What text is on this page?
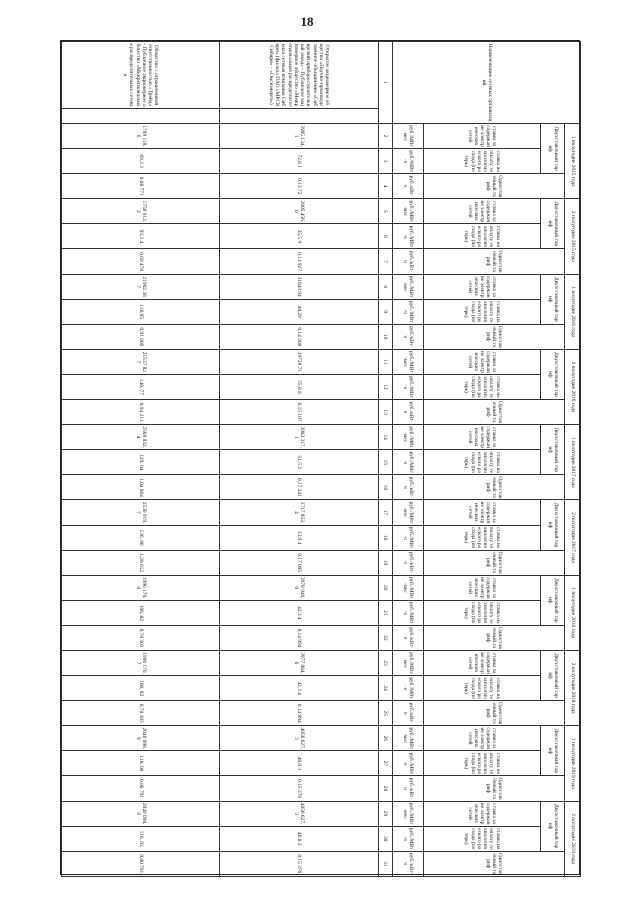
18
Наименование сетевых организаций		1 полугодие 2015 года			2 полугодие 2015 года			1 полугодие 2016 года			2 полугодие 2016 года			1 полугодие 2017 года			2 полугодие 2017 года			1 полугодие 2018 года			2 полугодие 2018 года			1 полугодие 2019 года			2 полугодие 2019 года		
		Двухставочный тариф		Одноставочный тариф	Двухставочный тариф		Одноставочный тариф	Двухставочный тариф		Одноставочный тариф	Двухставочный тариф		Одноставочный тариф	Двухставочный тариф		Одноставочный тариф	Двухставочный тариф		Одноставочный тариф	Двухставочный тариф		Одноставочный тариф	Двухставочный тариф		Одноставочный тариф	Двухставочный тариф		Одноставочный тариф	Двухставочный тариф		Одноставочный тариф
		ставка за содержание электрических сетей	ставка на оплату технологического расхода (потерь)		ставка за содержание электрических сетей	ставка на оплату технологического расхода (потерь)		ставка за содержание электрических сетей	ставка на оплату технологического расхода (потерь)		ставка за содержание электрических сетей	ставка на оплату технологического расхода (потерь)		ставка за содержание электрических сетей	ставка на оплату технологического расхода (потерь)		ставка за содержание электрических сетей	ставка на оплату технологического расхода (потерь)		ставка за содержание электрических сетей	ставка на оплату технологического расхода (потерь)		ставка за содержание электрических сетей	ставка на оплату технологического расхода (потерь)		ставка за содержание электрических сетей	ставка на оплату технологического расхода (потерь)		ставка за содержание электрических сетей	ставка на оплату технологического расхода (потерь)	
		руб./МВт·мес	руб./МВт·ч	руб./кВт·ч	руб./МВт·мес	руб./МВт·ч	руб./кВт·ч	руб./МВт·мес	руб./МВт·ч	руб./кВт·ч	руб./МВт·мес	руб./МВт·ч	руб./кВт·ч	руб./МВт·мес	руб./МВт·ч	руб./кВт·ч	руб./МВт·мес	руб./МВт·ч	руб./кВт·ч	руб./МВт·мес	руб./МВт·ч	руб./кВт·ч	руб./МВт·мес	руб./МВт·ч	руб./кВт·ч	руб./МВт·мес	руб./МВт·ч	руб./кВт·ч	руб./МВт·мес	руб./МВт·ч	руб./кВт·ч
1		2	3	4	5	6	7	8	9	10	11	12	13	14	15	16	17	18	19	20	21	22	23	24	25	26	27	28	29	30	31
Открытое акционерное общество «Научно-производственное объединение «Сибирский приборостроительный завод» - Публичное акционерное общество «Межрегиональная распределительная сетевая компания Сибири» (филиал ПАО «МРСК Сибири» - «Омскэнерго»)		3995 134,1	72,6 1	0,13 72	3905 456,0	35,5 9	0,13 927	31043 94	48,29	0,14 208	39728 71	55,8 8	0,15 107	3982 317,1	51,5 2	0,17 241	3717 852,4	33,9 4	0,17 095	3978 946,0	42,3 4	0,14 994	3977 884,6	42,3 4	0,14 994	4056 627,3	46,0 3	0,15 378	4056 627,3	46,0 2	0,15 376
Общество с ограниченной ответственностью «Трейд» - Публичное акционерное общество «Межрегиональная распределительная сетевая		1789 118,6	69,3 3	0,68 771	1750 912,2	93,3 4	0,69 478	21902 387	116,65	0,91 800	21537 827	140, 77	0,94 211	2568 832,4	129, 04	1,04 864	2530 919,7	136, 06	1,28 612	1996 170,0	106, 82	0,78 303	1996 170,7	106, 82	0,78 303	2040 098,8	116, 00	0,80 791	2040 098,8	116, 03	0,80 791
